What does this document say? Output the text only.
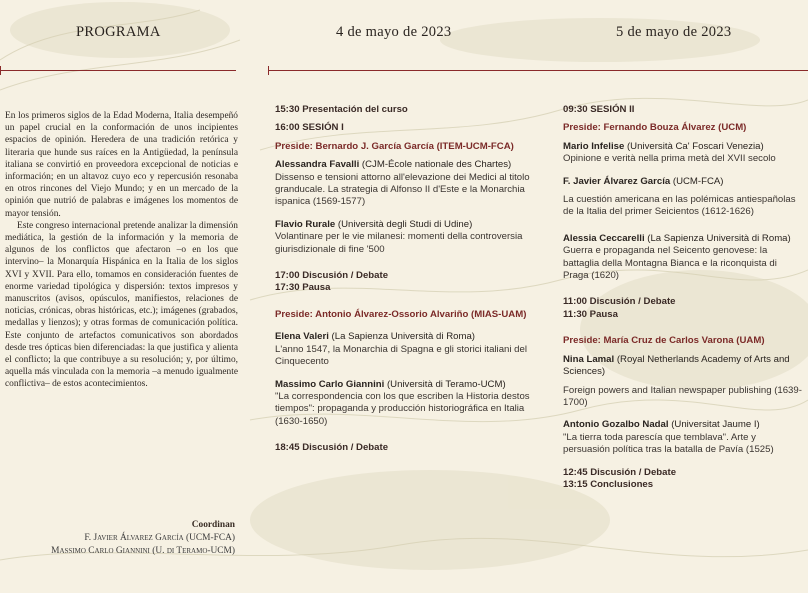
PROGRAMA	4 de mayo de 2023	5 de mayo de 2023

En los primeros siglos de la Edad Moderna, Italia desempeñó un papel crucial en la conformación de unos incipientes espacios de opinión. Heredera de una tradición retórica y literaria que hunde sus raíces en la Antigüedad, la península italiana se convirtió en proveedora excepcional de noticias e información; en un altavoz cuyo eco y repercusión resonaba en otros rincones del Viejo Mundo; y en un mercado de la opinión que nutrió de palabras e imágenes los momentos de mayor tensión.

Este congreso internacional pretende analizar la dimensión mediática, la gestión de la información y la memoria de algunos de los conflictos que afectaron –o en los que intervino– la Monarquía Hispánica en la Italia de los siglos XVI y XVII. Para ello, tomamos en consideración fuentes de enorme variedad tipológica y dispersión: textos impresos y manuscritos (avisos, opúsculos, manifiestos, relaciones de noticias, crónicas, obras históricas, etc.); imágenes (grabados, medallas y lienzos); y otras formas de comunicación política. Este conjunto de artefactos comunicativos son abordados desde tres ópticas bien diferenciadas: la que justifica y alienta el conflicto; la que contribuye a su resolución; y, por último, aquella más vinculada con la memoria –a menudo igualmente conflictiva– de estos acontecimientos.

Coordinan
F. Javier Álvarez García (UCM-FCA)
Massimo Carlo Giannini (U. di Teramo-UCM)
15:30 Presentación del curso
16:00 SESIÓN I
Preside: Bernardo J. García García (ITEM-UCM-FCA)
Alessandra Favalli (CJM-École nationale des Chartes)
Dissenso e tensioni attorno all'elevazione dei Medici al titolo granducale. La strategia di Alfonso II d'Este e la Monarchia ispanica (1569-1577)
Flavio Rurale (Università degli Studi di Udine)
Volantinare per le vie milanesi: momenti della controversia giurisdizionale di fine '500
17:00 Discusión / Debate
17:30 Pausa
Preside: Antonio Álvarez-Ossorio Alvariño (MIAS-UAM)
Elena Valeri (La Sapienza Università di Roma)
L'anno 1547, la Monarchia di Spagna e gli storici italiani del Cinquecento
Massimo Carlo Giannini (Università di Teramo-UCM)
"La correspondencia con los que escriben la Historia destos tiempos": propaganda y producción historiográfica en Italia (1630-1650)
18:45 Discusión / Debate
09:30 SESIÓN II
Preside: Fernando Bouza Álvarez (UCM)
Mario Infelise (Università Ca' Foscari Venezia)
Opinione e verità nella prima metà del XVII secolo
F. Javier Álvarez García (UCM-FCA)
La cuestión americana en las polémicas antiespañolas de la Italia del primer Seicientos (1612-1626)
Alessia Ceccarelli (La Sapienza Università di Roma)
Guerra e propaganda nel Seicento genovese: la battaglia della Montagna Bianca e la riconquista di Praga (1620)
11:00 Discusión / Debate
11:30 Pausa
Preside: María Cruz de Carlos Varona (UAM)
Nina Lamal (Royal Netherlands Academy of Arts and Sciences)
Foreign powers and Italian newspaper publishing (1639-1700)
Antonio Gozalbo Nadal (Universitat Jaume I)
"La tierra toda parescía que temblava". Arte y persuasión política tras la batalla de Pavía (1525)
12:45 Discusión / Debate
13:15 Conclusiones
